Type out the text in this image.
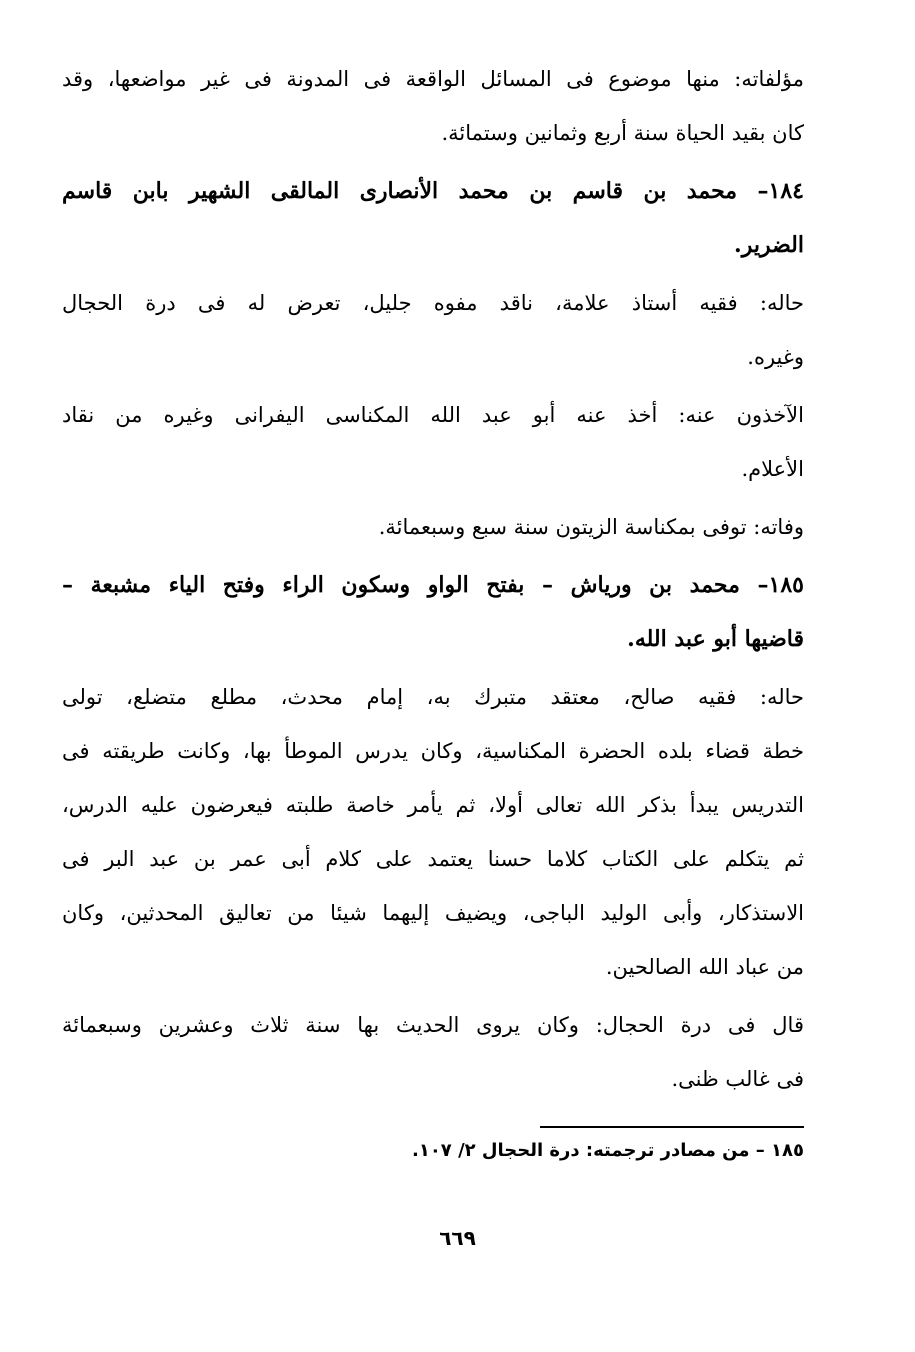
مؤلفاته: منها موضوع فى المسائل الواقعة فى المدونة فى غير مواضعها، وقد
كان بقيد الحياة سنة أربع وثمانين وستمائة.
١٨٤– محمد بن قاسم بن محمد الأنصارى المالقى الشهير بابن قاسم
الضرير.
حاله: فقيه أستاذ علامة، ناقد مفوه جليل، تعرض له فى درة الحجال
وغيره.
الآخذون عنه: أخذ عنه أبو عبد الله المكناسى اليفرانى وغيره من نقاد
الأعلام.
وفاته: توفى بمكناسة الزيتون سنة سبع وسبعمائة.
١٨٥– محمد بن ورياش – بفتح الواو وسكون الراء وفتح الياء مشبعة –
قاضيها أبو عبد الله.
حاله: فقيه صالح، معتقد متبرك به، إمام محدث، مطلع متضلع، تولى
خطة قضاء بلده الحضرة المكناسية، وكان يدرس الموطأ بها، وكانت طريقته فى
التدريس يبدأ بذكر الله تعالى أولا، ثم يأمر خاصة طلبته فيعرضون عليه الدرس،
ثم يتكلم على الكتاب كلاما حسنا يعتمد على كلام أبى عمر بن عبد البر فى
الاستذكار، وأبى الوليد الباجى، ويضيف إليهما شيئا من تعاليق المحدثين، وكان
من عباد الله الصالحين.
قال فى درة الحجال: وكان يروى الحديث بها سنة ثلاث وعشرين وسبعمائة
فى غالب ظنى.
١٨٥ – من مصادر ترجمته: درة الحجال ٢/ ١٠٧.
٦٦٩
